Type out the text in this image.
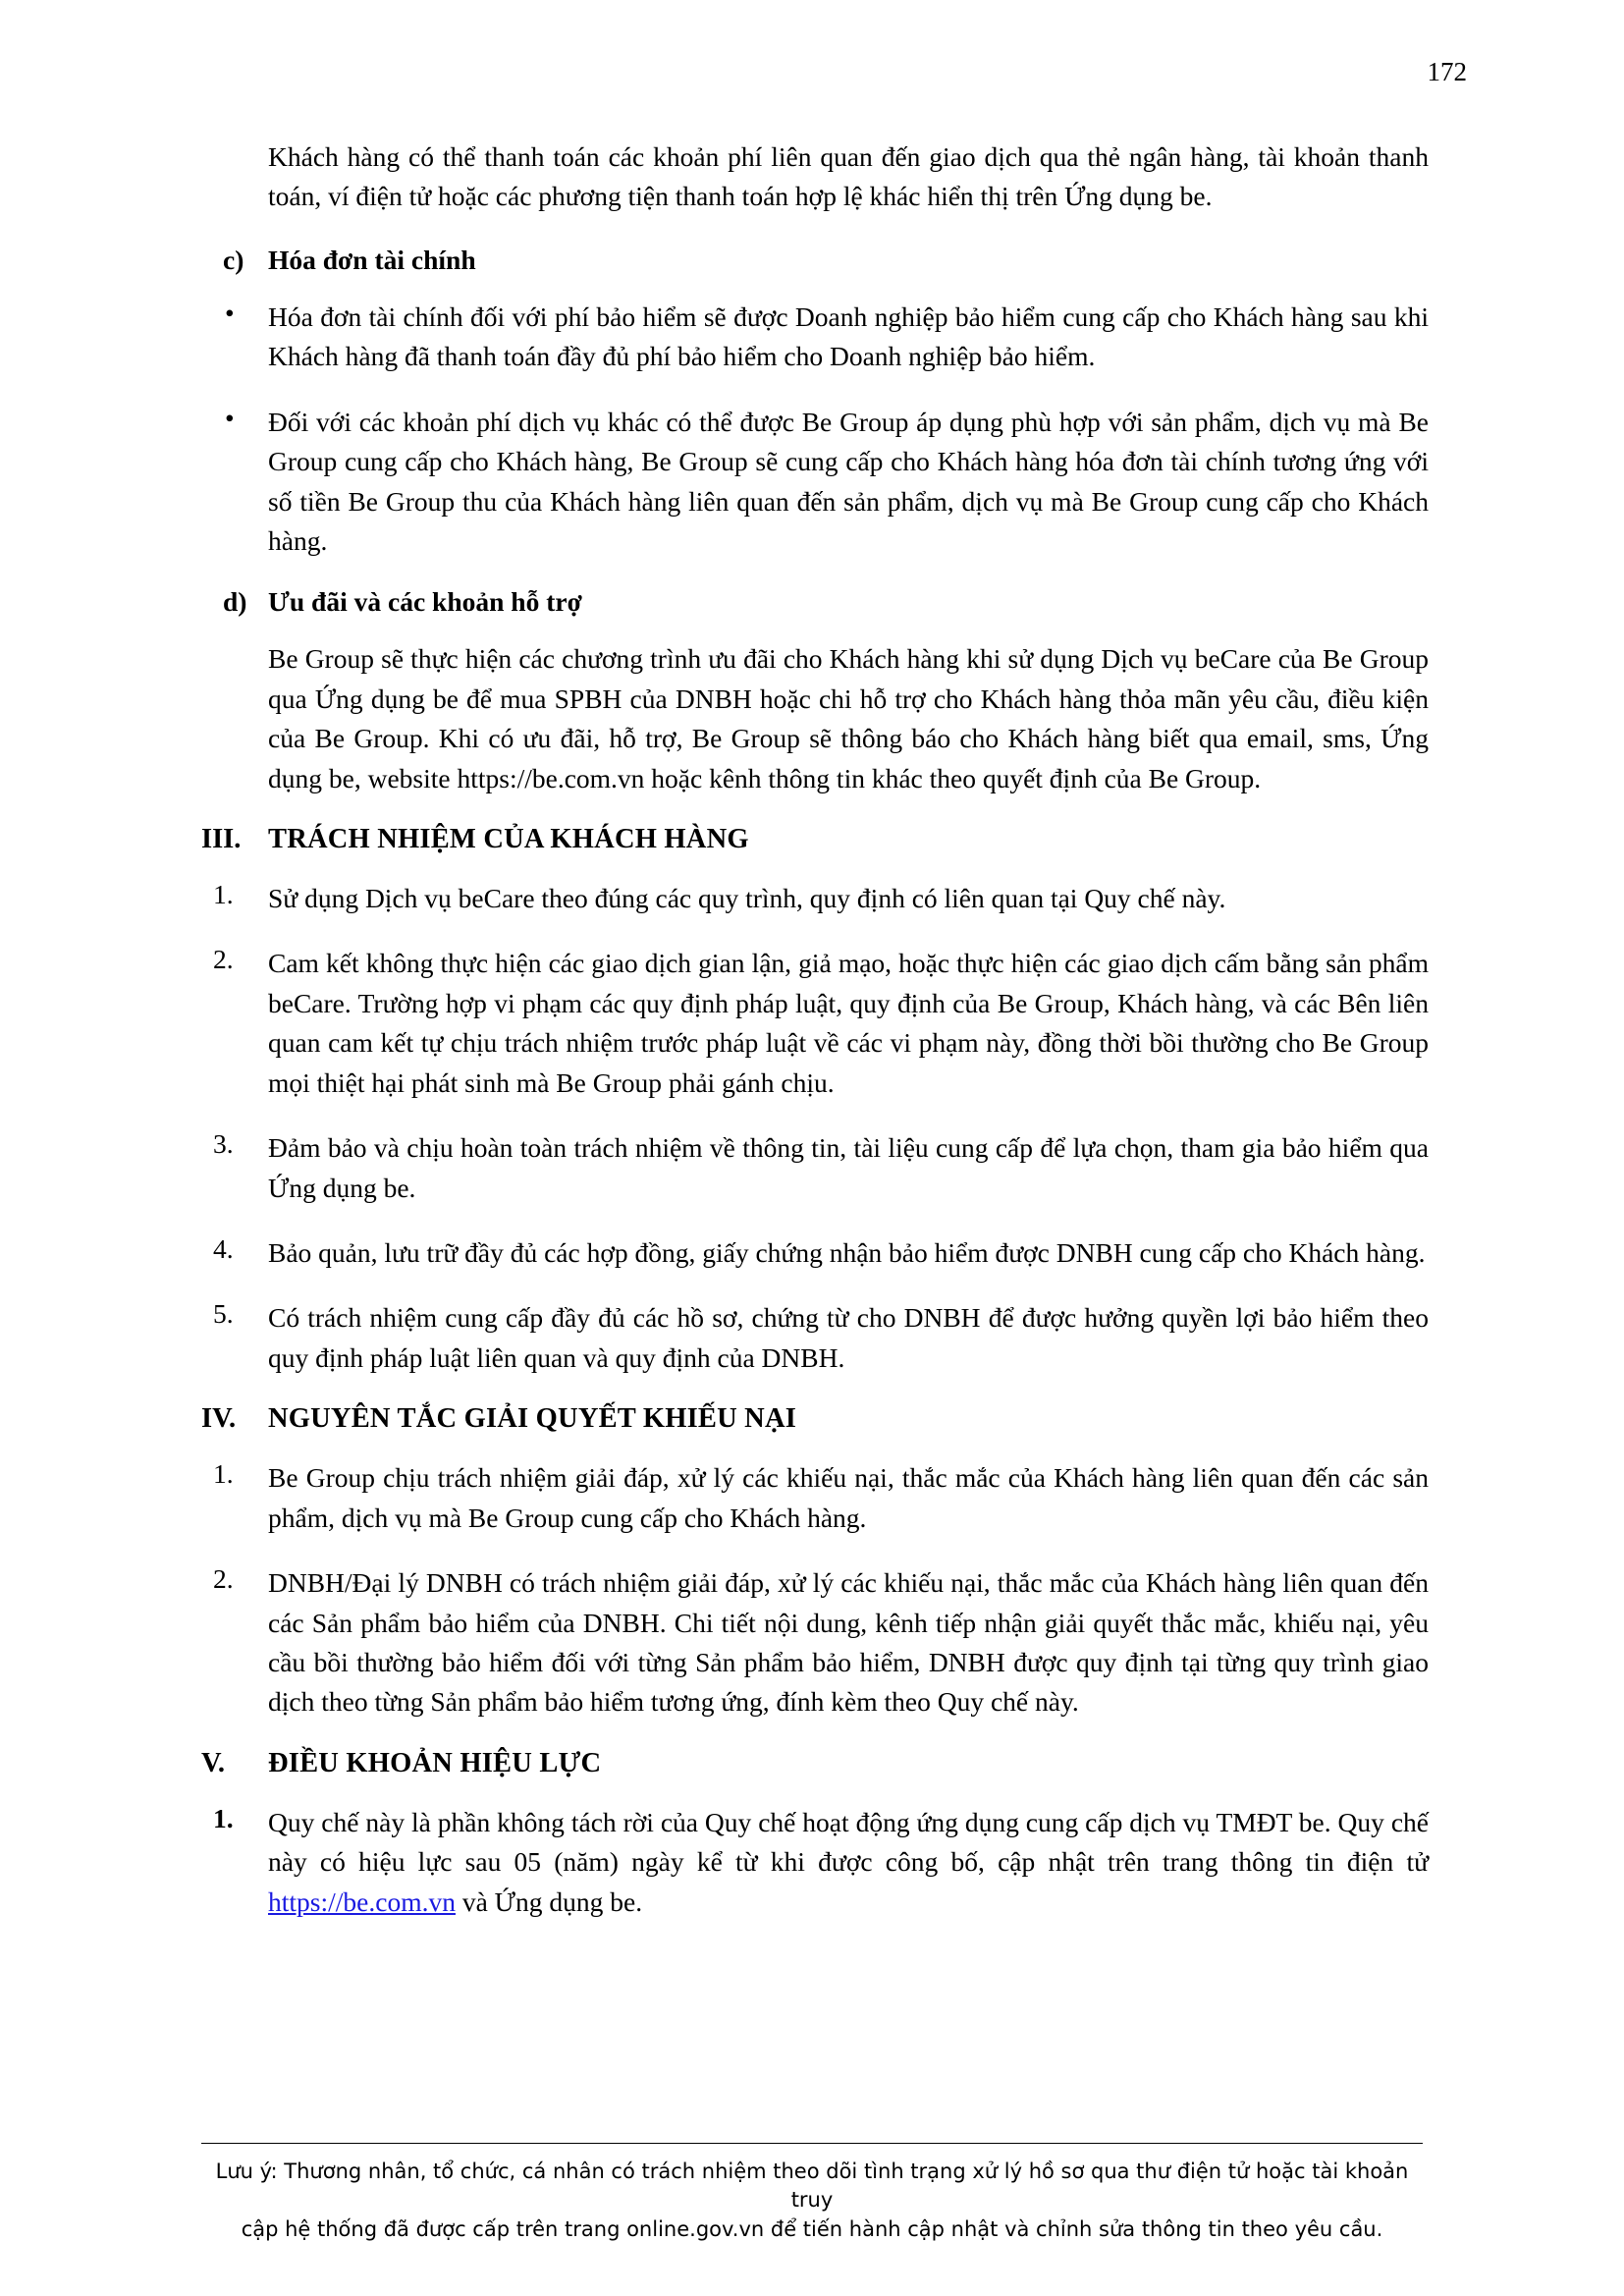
172

Khách hàng có thể thanh toán các khoản phí liên quan đến giao dịch qua thẻ ngân hàng, tài khoản thanh toán, ví điện tử hoặc các phương tiện thanh toán hợp lệ khác hiển thị trên Ứng dụng be.

c) Hóa đơn tài chính
•	Hóa đơn tài chính đối với phí bảo hiểm sẽ được Doanh nghiệp bảo hiểm cung cấp cho Khách hàng sau khi Khách hàng đã thanh toán đầy đủ phí bảo hiểm cho Doanh nghiệp bảo hiểm.

•	Đối với các khoản phí dịch vụ khác có thể được Be Group áp dụng phù hợp với sản phẩm, dịch vụ mà Be Group cung cấp cho Khách hàng, Be Group sẽ cung cấp cho Khách hàng hóa đơn tài chính tương ứng với số tiền Be Group thu của Khách hàng liên quan đến sản phẩm, dịch vụ mà Be Group cung cấp cho Khách hàng.

d) Ưu đãi và các khoản hỗ trợ

Be Group sẽ thực hiện các chương trình ưu đãi cho Khách hàng khi sử dụng Dịch vụ beCare của Be Group qua Ứng dụng be để mua SPBH của DNBH hoặc chi hỗ trợ cho Khách hàng thỏa mãn yêu cầu, điều kiện của Be Group. Khi có ưu đãi, hỗ trợ, Be Group sẽ thông báo cho Khách hàng biết qua email, sms, Ứng dụng be, website https://be.com.vn hoặc kênh thông tin khác theo quyết định của Be Group.

III. TRÁCH NHIỆM CỦA KHÁCH HÀNG
1.	Sử dụng Dịch vụ beCare theo đúng các quy trình, quy định có liên quan tại Quy chế này.

2.	Cam kết không thực hiện các giao dịch gian lận, giả mạo, hoặc thực hiện các giao dịch cấm bằng sản phẩm beCare. Trường hợp vi phạm các quy định pháp luật, quy định của Be Group, Khách hàng, và các Bên liên quan cam kết tự chịu trách nhiệm trước pháp luật về các vi phạm này, đồng thời bồi thường cho Be Group mọi thiệt hại phát sinh mà Be Group phải gánh chịu.

3.	Đảm bảo và chịu hoàn toàn trách nhiệm về thông tin, tài liệu cung cấp để lựa chọn, tham gia bảo hiểm qua Ứng dụng be.

4.	Bảo quản, lưu trữ đầy đủ các hợp đồng, giấy chứng nhận bảo hiểm được DNBH cung cấp cho Khách hàng.

5.	Có trách nhiệm cung cấp đầy đủ các hồ sơ, chứng từ cho DNBH để được hưởng quyền lợi bảo hiểm theo quy định pháp luật liên quan và quy định của DNBH.

IV.	NGUYÊN TẮC GIẢI QUYẾT KHIẾU NẠI
1.	Be Group chịu trách nhiệm giải đáp, xử lý các khiếu nại, thắc mắc của Khách hàng liên quan đến các sản phẩm, dịch vụ mà Be Group cung cấp cho Khách hàng.

2.	DNBH/Đại lý DNBH có trách nhiệm giải đáp, xử lý các khiếu nại, thắc mắc của Khách hàng liên quan đến các Sản phẩm bảo hiểm của DNBH. Chi tiết nội dung, kênh tiếp nhận giải quyết thắc mắc, khiếu nại, yêu cầu bồi thường bảo hiểm đối với từng Sản phẩm bảo hiểm, DNBH được quy định tại từng quy trình giao dịch theo từng Sản phẩm bảo hiểm tương ứng, đính kèm theo Quy chế này.

V.	ĐIỀU KHOẢN HIỆU LỰC
1.	Quy chế này là phần không tách rời của Quy chế hoạt động ứng dụng cung cấp dịch vụ TMĐT be. Quy chế này có hiệu lực sau 05 (năm) ngày kể từ khi được công bố, cập nhật trên trang thông tin điện tử https://be.com.vn và Ứng dụng be.

Lưu ý: Thương nhân, tổ chức, cá nhân có trách nhiệm theo dõi tình trạng xử lý hồ sơ qua thư điện tử hoặc tài khoản truy
cập hệ thống đã được cấp trên trang online.gov.vn để tiến hành cập nhật và chỉnh sửa thông tin theo yêu cầu.
